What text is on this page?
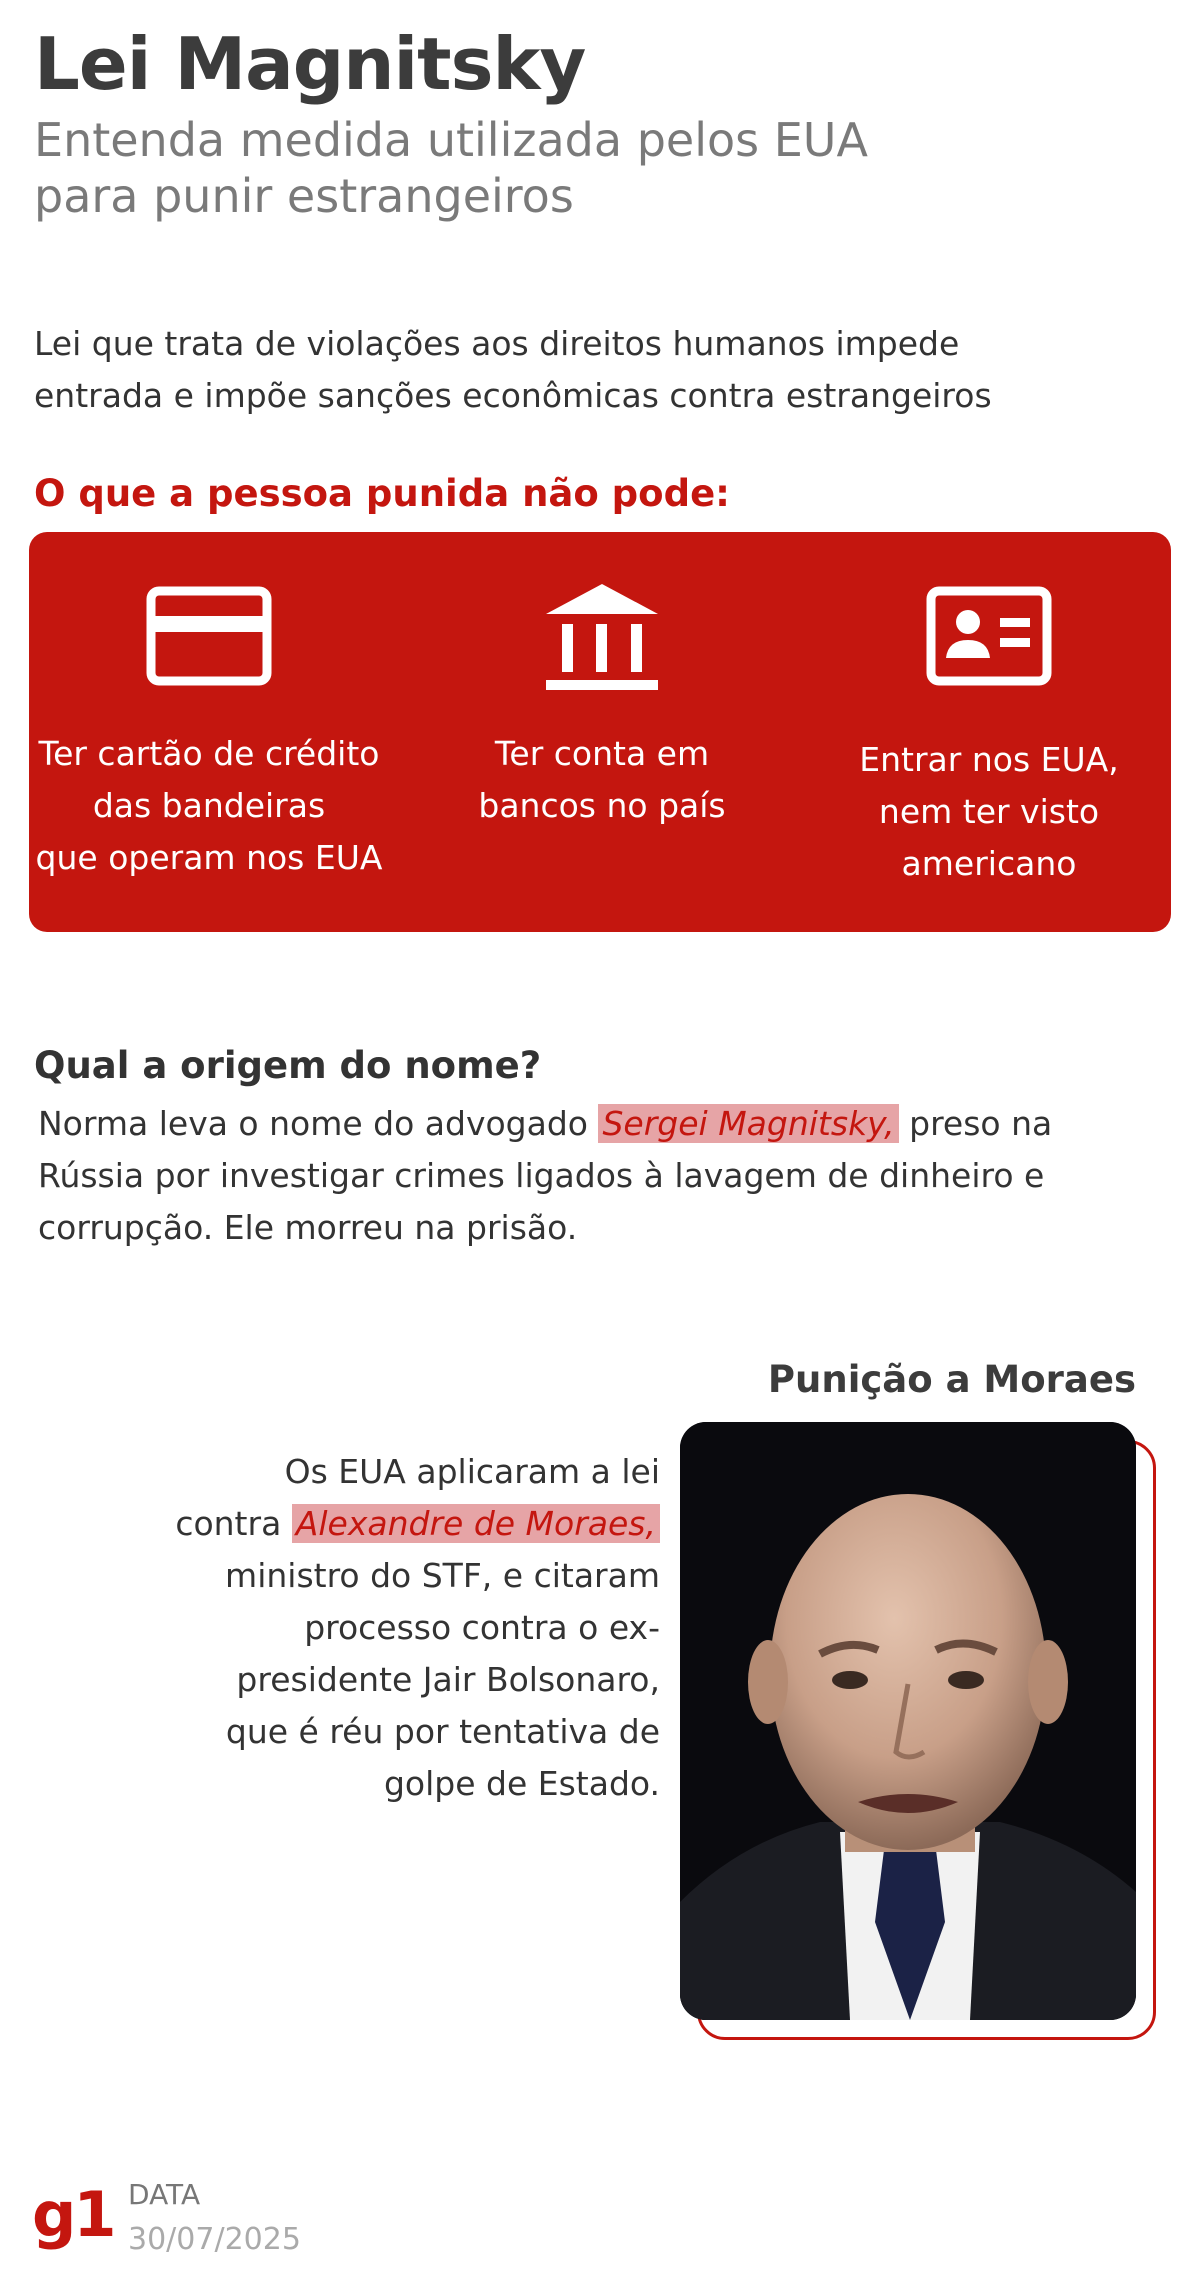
Lei Magnitsky
Entenda medida utilizada pelos EUA para punir estrangeiros
Lei que trata de violações aos direitos humanos impede entrada e impõe sanções econômicas contra estrangeiros
O que a pessoa punida não pode:
Ter cartão de crédito
das bandeiras
que operam nos EUA
Ter conta em
bancos no país
Entrar nos EUA,
nem ter visto
americano
Qual a origem do nome?
Norma leva o nome do advogado Sergei Magnitsky, preso na Rússia por investigar crimes ligados à lavagem de dinheiro e corrupção. Ele morreu na prisão.
Punição a Moraes
Os EUA aplicaram a lei contra Alexandre de Moraes, ministro do STF, e citaram processo contra o ex-presidente Jair Bolsonaro, que é réu por tentativa de golpe de Estado.
g1 DATA
30/07/2025
